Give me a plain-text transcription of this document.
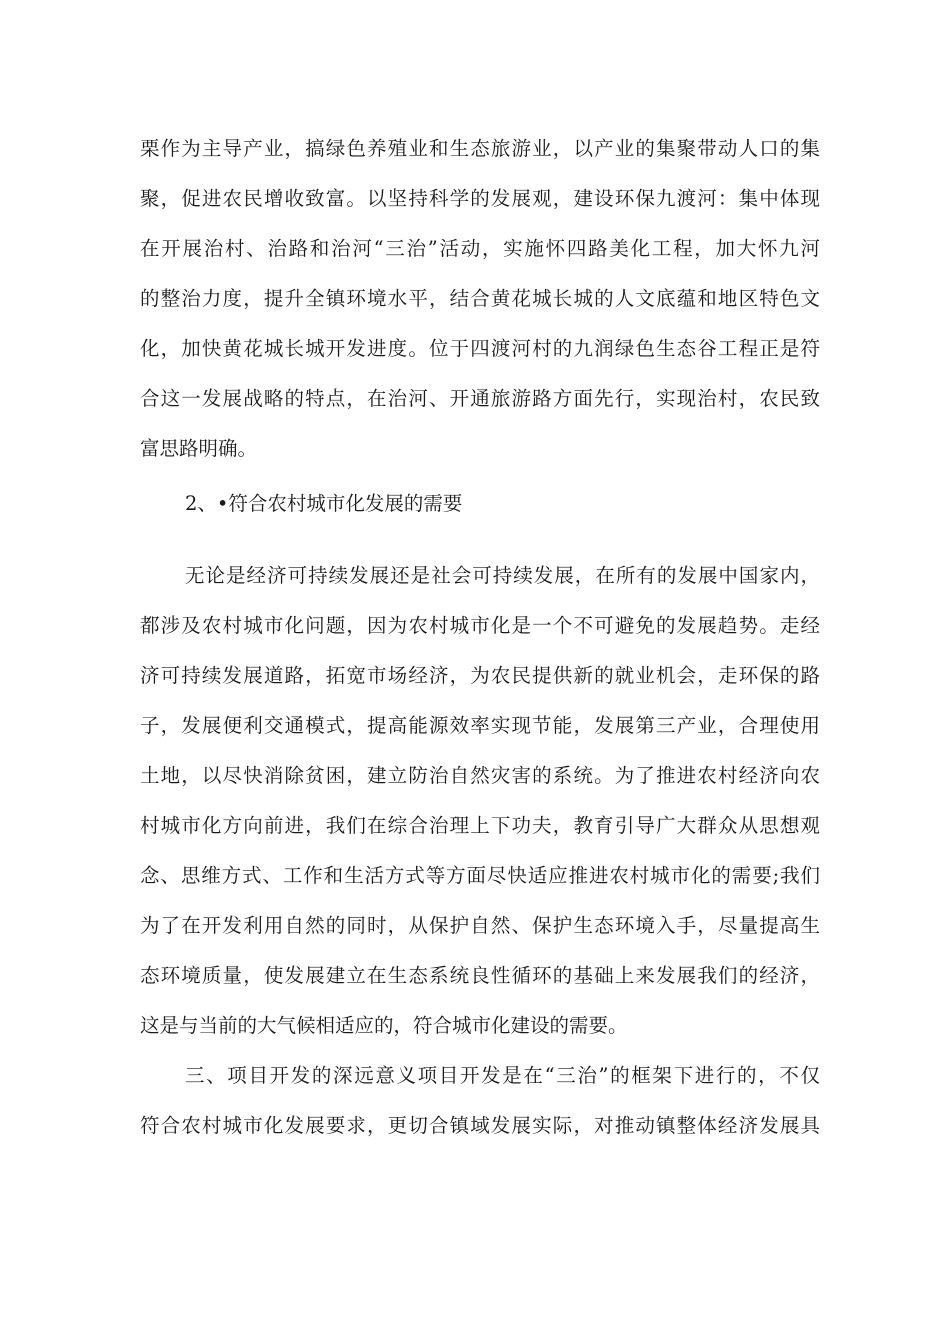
栗作为主导产业，搞绿色养殖业和生态旅游业，以产业的集聚带动人口的集
聚，促进农民增收致富。以坚持科学的发展观，建设环保九渡河：集中体现
在开展治村、治路和治河“三治”活动，实施怀四路美化工程，加大怀九河
的整治力度，提升全镇环境水平，结合黄花城长城的人文底蕴和地区特色文
化，加快黄花城长城开发进度。位于四渡河村的九润绿色生态谷工程正是符
合这一发展战略的特点，在治河、开通旅游路方面先行，实现治村，农民致
富思路明确。
2、•符合农村城市化发展的需要
无论是经济可持续发展还是社会可持续发展，在所有的发展中国家内，
都涉及农村城市化问题，因为农村城市化是一个不可避免的发展趋势。走经
济可持续发展道路，拓宽市场经济，为农民提供新的就业机会，走环保的路
子，发展便利交通模式，提高能源效率实现节能，发展第三产业，合理使用
土地，以尽快消除贫困，建立防治自然灾害的系统。为了推进农村经济向农
村城市化方向前进，我们在综合治理上下功夫，教育引导广大群众从思想观
念、思维方式、工作和生活方式等方面尽快适应推进农村城市化的需要;我们
为了在开发利用自然的同时，从保护自然、保护生态环境入手，尽量提高生
态环境质量，使发展建立在生态系统良性循环的基础上来发展我们的经济，
这是与当前的大气候相适应的，符合城市化建设的需要。
三、项目开发的深远意义项目开发是在“三治”的框架下进行的，不仅
符合农村城市化发展要求，更切合镇域发展实际，对推动镇整体经济发展具
